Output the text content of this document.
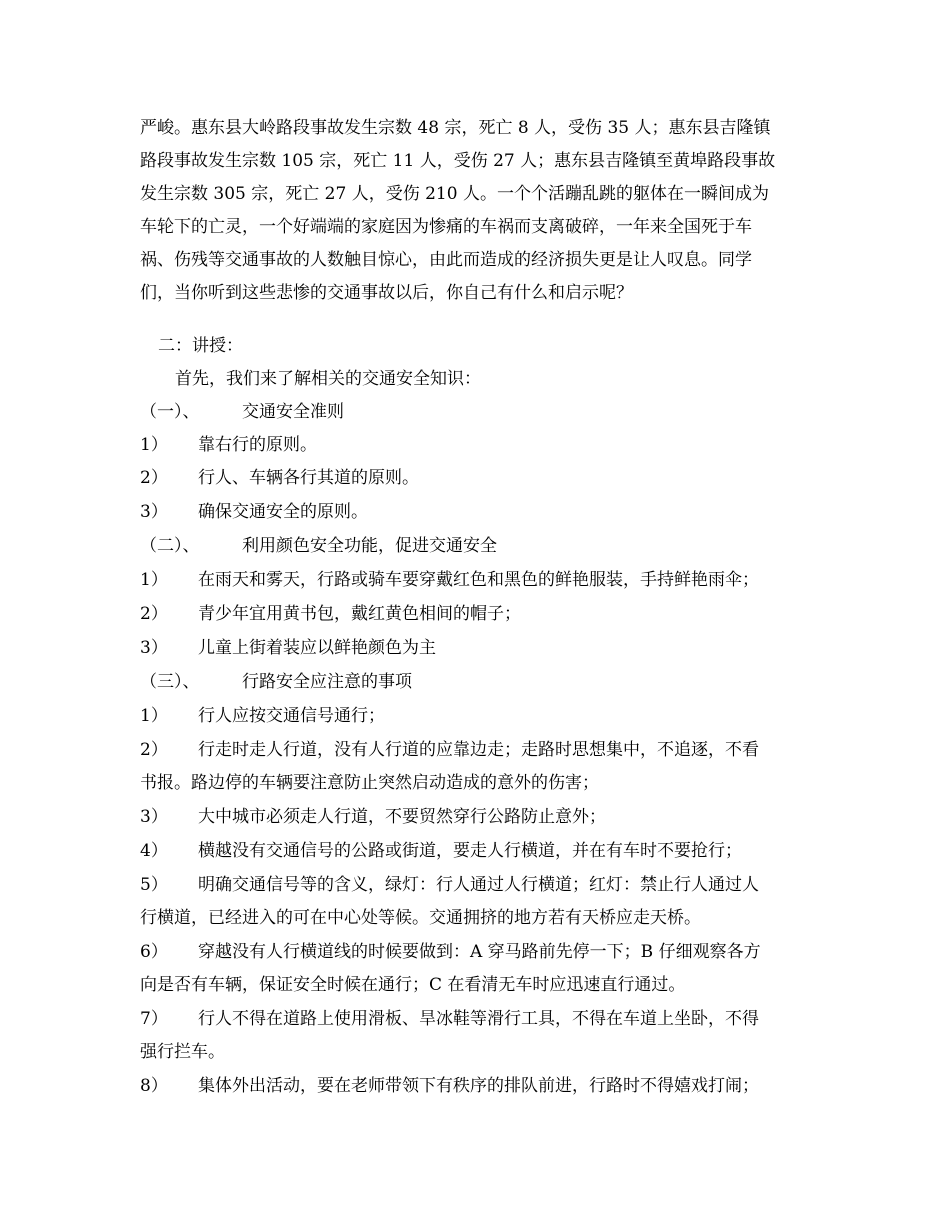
严峻。惠东县大岭路段事故发生宗数 48 宗，死亡 8 人，受伤 35 人；惠东县吉隆镇
路段事故发生宗数 105 宗，死亡 11 人，受伤 27 人；惠东县吉隆镇至黄埠路段事故
发生宗数 305 宗，死亡 27 人，受伤 210 人。一个个活蹦乱跳的躯体在一瞬间成为
车轮下的亡灵，一个好端端的家庭因为惨痛的车祸而支离破碎，一年来全国死于车
祸、伤残等交通事故的人数触目惊心，由此而造成的经济损失更是让人叹息。同学
们，当你听到这些悲惨的交通事故以后，你自己有什么和启示呢？
二：讲授：
首先，我们来了解相关的交通安全知识：
（一）、	交通安全准则
1） 靠右行的原则。
2） 行人、车辆各行其道的原则。
3） 确保交通安全的原则。
（二）、	利用颜色安全功能，促进交通安全
1） 在雨天和雾天，行路或骑车要穿戴红色和黑色的鲜艳服装，手持鲜艳雨伞；
2） 青少年宜用黄书包，戴红黄色相间的帽子；
3） 儿童上街着装应以鲜艳颜色为主
（三）、	行路安全应注意的事项
1） 行人应按交通信号通行；
2） 行走时走人行道，没有人行道的应靠边走；走路时思想集中，不追逐，不看
书报。路边停的车辆要注意防止突然启动造成的意外的伤害；
3） 大中城市必须走人行道，不要贸然穿行公路防止意外；
4） 横越没有交通信号的公路或街道，要走人行横道，并在有车时不要抢行；
5） 明确交通信号等的含义，绿灯：行人通过人行横道；红灯：禁止行人通过人
行横道，已经进入的可在中心处等候。交通拥挤的地方若有天桥应走天桥。
6） 穿越没有人行横道线的时候要做到：A 穿马路前先停一下；B 仔细观察各方
向是否有车辆，保证安全时候在通行；C 在看清无车时应迅速直行通过。
7） 行人不得在道路上使用滑板、旱冰鞋等滑行工具，不得在车道上坐卧，不得
强行拦车。
8） 集体外出活动，要在老师带领下有秩序的排队前进，行路时不得嬉戏打闹；
